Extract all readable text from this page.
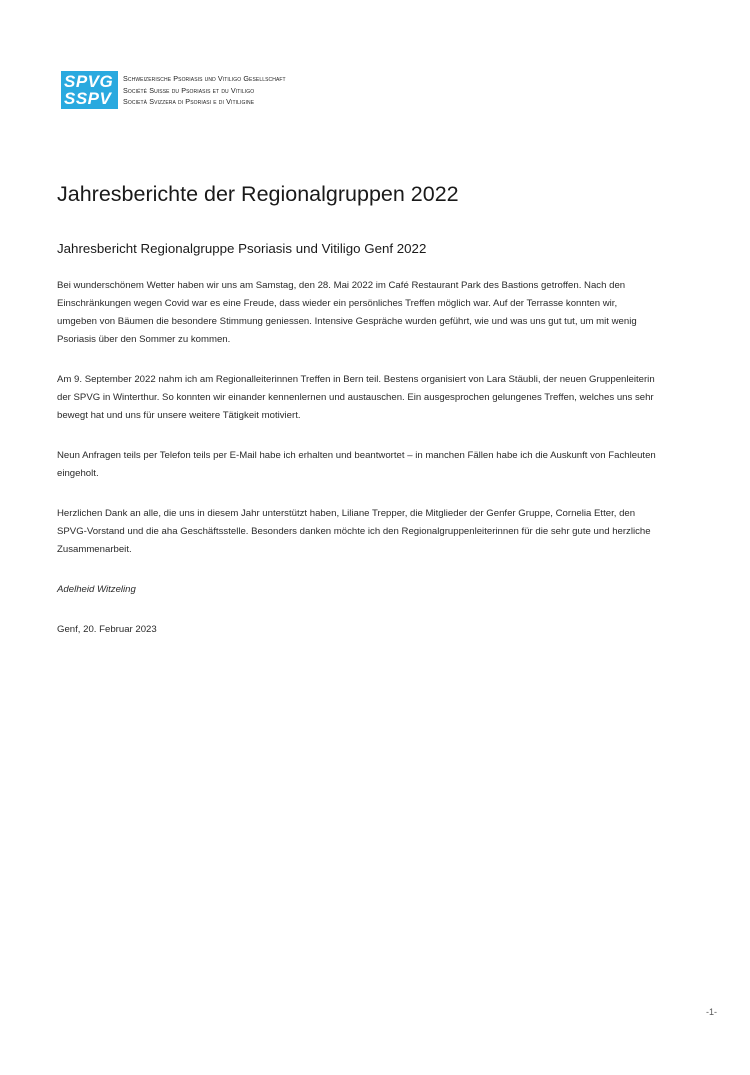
SPVG
SSPV
Schweizerische Psoriasis und Vitiligo Gesellschaft
Société Suisse du Psoriasis et du Vitiligo
Società Svizzera di Psoriasi e di Vitiligine
Jahresberichte der Regionalgruppen 2022
Jahresbericht Regionalgruppe Psoriasis und Vitiligo Genf 2022

Bei wunderschönem Wetter haben wir uns am Samstag, den 28. Mai 2022 im Café Restaurant Park des Bastions getroffen. Nach den Einschränkungen wegen Covid war es eine Freude, dass wieder ein persönliches Treffen möglich war. Auf der Terrasse konnten wir, umgeben von Bäumen die besondere Stimmung geniessen. Intensive Gespräche wurden geführt, wie und was uns gut tut, um mit wenig Psoriasis über den Sommer zu kommen.

Am 9. September 2022 nahm ich am Regionalleiterinnen Treffen in Bern teil. Bestens organisiert von Lara Stäubli, der neuen Gruppenleiterin der SPVG in Winterthur. So konnten wir einander kennenlernen und austauschen. Ein ausgesprochen gelungenes Treffen, welches uns sehr bewegt hat und uns für unsere weitere Tätigkeit motiviert.

Neun Anfragen teils per Telefon teils per E-Mail habe ich erhalten und beantwortet – in manchen Fällen habe ich die Auskunft von Fachleuten eingeholt.

Herzlichen Dank an alle, die uns in diesem Jahr unterstützt haben, Liliane Trepper, die Mitglieder der Genfer Gruppe, Cornelia Etter, den SPVG-Vorstand und die aha Geschäftsstelle. Besonders danken möchte ich den Regionalgruppenleiterinnen für die sehr gute und herzliche Zusammenarbeit.

Adelheid Witzeling

Genf, 20. Februar 2023

-1-
